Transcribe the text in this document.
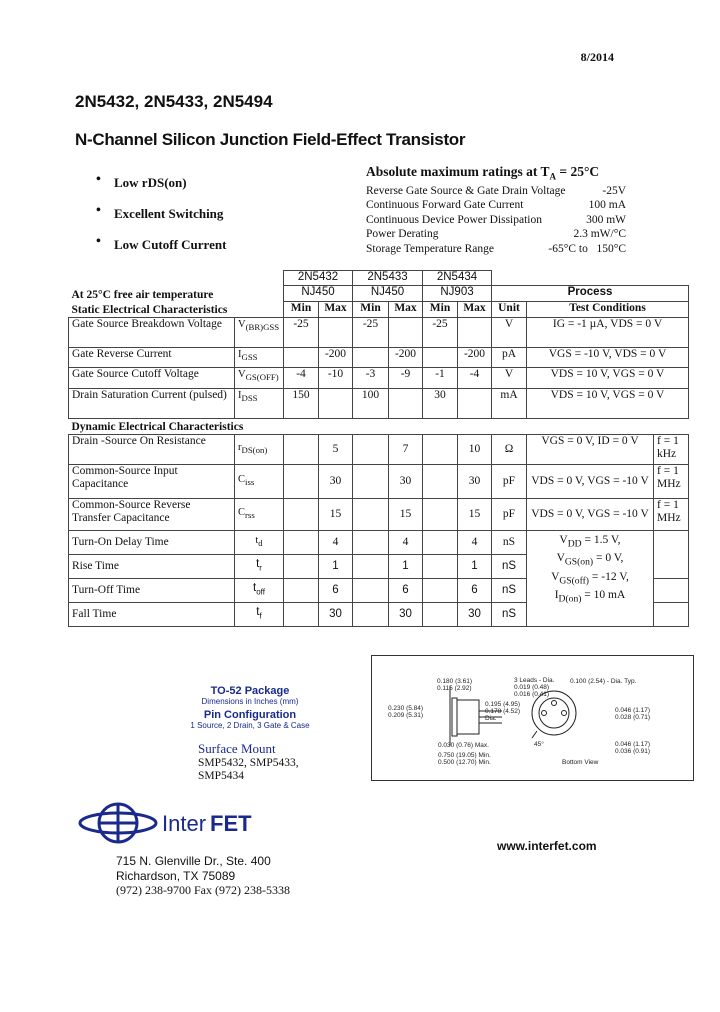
8/2014
2N5432, 2N5433, 2N5494
N-Channel Silicon Junction Field-Effect Transistor
• Low rDS(on)
• Excellent Switching
• Low Cutoff Current
Absolute maximum ratings at $T_A = 25^\circ C$
Reverse Gate Source & Gate Drain Voltage	-25V
Continuous Forward Gate Current	100 mA
Continuous Device Power Dissipation	300 mW
Power Derating	2.3 mW/°C
Storage Temperature Range	-65°C to   150°C
		2N5432		2N5433		2N5434				
At 25°C free air temperature		NJ450		NJ450		NJ903		Process		
Static Electrical Characteristics		Min	Max	Min	Max	Min	Max	Unit	Test Conditions	
Gate Source Breakdown Voltage	$V_{(BR)GSS}$	-25		-25		-25		V	IG = -1 µA, VDS = 0 V	
Gate Reverse Current	$I_{GSS}$		-200		-200		-200	pA	VGS = -10 V, VDS = 0 V	
Gate Source Cutoff Voltage	$V_{GS(OFF)}$	-4	-10	-3	-9	-1	-4	V	VDS = 10 V, VGS = 0 V	
Drain Saturation Current (pulsed)	$I_{DSS}$	150		100		30		mA	VDS = 10 V, VGS = 0 V	
Dynamic Electrical Characteristics										
Drain -Source On Resistance	$r_{DS(on)}$		5		7		10	Ω	VGS = 0 V, ID = 0 V	f = 1 kHz
Common-Source Input Capacitance	$C_{iss}$		30		30		30	pF	VDS = 0 V, VGS = -10 V	f = 1 MHz
Common-Source Reverse Transfer Capacitance	$C_{rss}$		15		15		15	pF	VDS = 0 V, VGS = -10 V	f = 1 MHz
Turn-On Delay Time	$t_d$		4		4		4	nS	$V_{DD} = 1.5$ V,
$V_{GS(on)} = 0$ V,
$V_{GS(off)} = -12$ V,
$I_{D(on)} = 10$ mA	
Rise Time	$t_r$		1		1		1	nS		
Turn-Off Time	$t_{off}$		6		6		6	nS		
Fall Time	$t_f$		30		30		30	nS		
0.180 (3.61)
0.115 (2.92)
3 Leads - Dia.
0.019 (0.48)
0.016 (0.41)
0.100 (2.54) - Dia. Typ.
0.195 (4.95)
0.178 (4.52)
Dia.
0.230 (5.84)
0.209 (5.31)
0.046 (1.17)
0.028 (0.71)
0.030 (0.76) Max.
0.750 (19.05) Min.
0.500 (12.70) Min.
45°	0.046 (1.17)
0.036 (0.91)
Bottom View
TO-52 Package
Dimensions in Inches (mm)
Pin Configuration
1 Source, 2 Drain, 3 Gate & Case
Surface Mount
SMP5432, SMP5433, SMP5434
Inter FET
www.interfet.com
715 N. Glenville Dr., Ste. 400
Richardson, TX 75089
(972) 238-9700 Fax (972) 238-5338
